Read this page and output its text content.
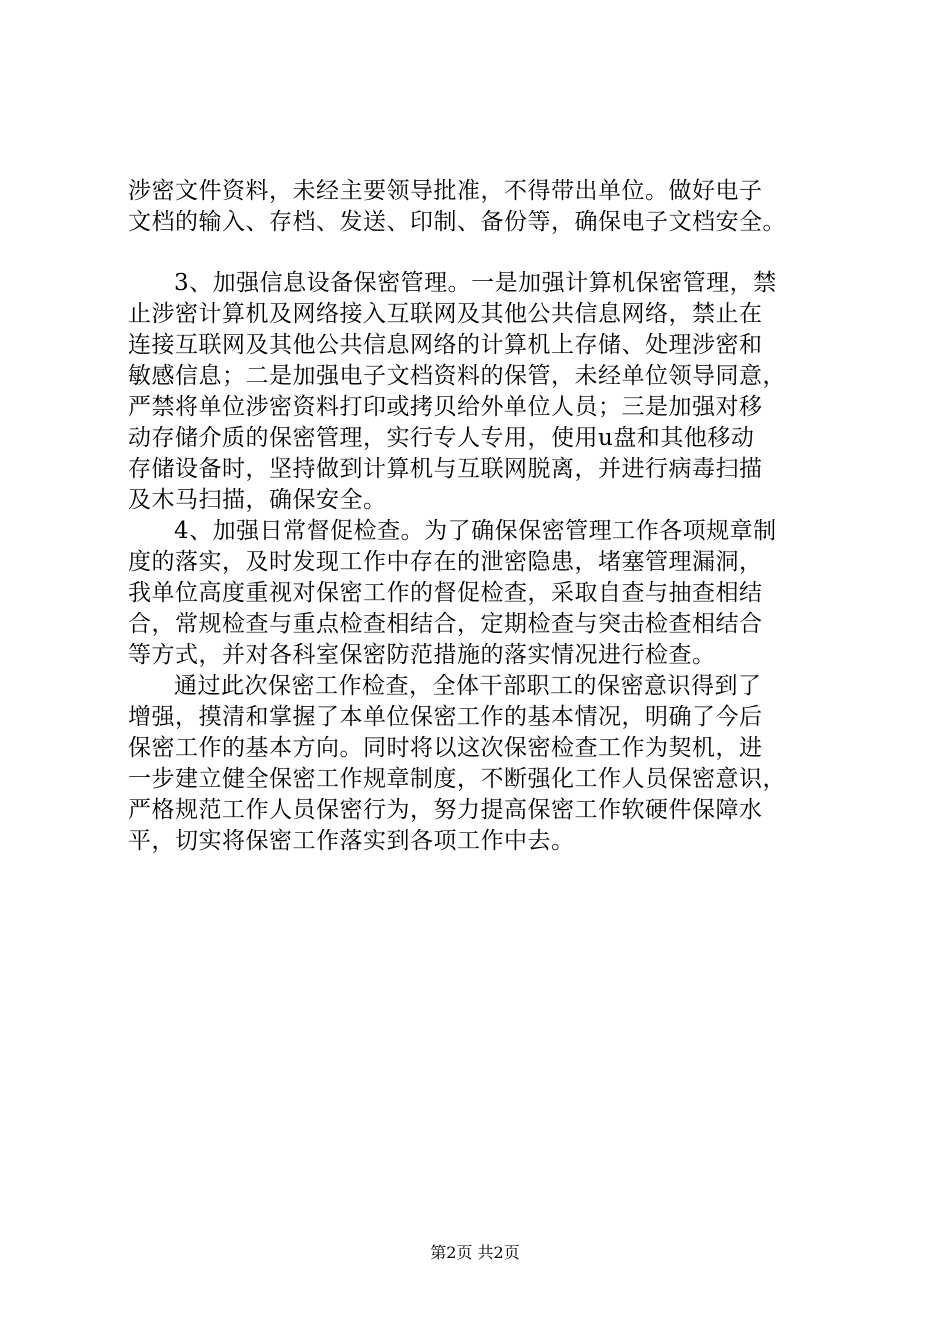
涉密文件资料，未经主要领导批准，不得带出单位。做好电子
文档的输入、存档、发送、印制、备份等，确保电子文档安全。
3、加强信息设备保密管理。一是加强计算机保密管理，禁
止涉密计算机及网络接入互联网及其他公共信息网络，禁止在
连接互联网及其他公共信息网络的计算机上存储、处理涉密和
敏感信息；二是加强电子文档资料的保管，未经单位领导同意，
严禁将单位涉密资料打印或拷贝给外单位人员；三是加强对移
动存储介质的保密管理，实行专人专用，使用u盘和其他移动
存储设备时，坚持做到计算机与互联网脱离，并进行病毒扫描
及木马扫描，确保安全。
4、加强日常督促检查。为了确保保密管理工作各项规章制
度的落实，及时发现工作中存在的泄密隐患，堵塞管理漏洞，
我单位高度重视对保密工作的督促检查，采取自查与抽查相结
合，常规检查与重点检查相结合，定期检查与突击检查相结合
等方式，并对各科室保密防范措施的落实情况进行检查。
通过此次保密工作检查，全体干部职工的保密意识得到了
增强，摸清和掌握了本单位保密工作的基本情况，明确了今后
保密工作的基本方向。同时将以这次保密检查工作为契机，进
一步建立健全保密工作规章制度，不断强化工作人员保密意识，
严格规范工作人员保密行为，努力提高保密工作软硬件保障水
平，切实将保密工作落实到各项工作中去。
第2页 共2页
